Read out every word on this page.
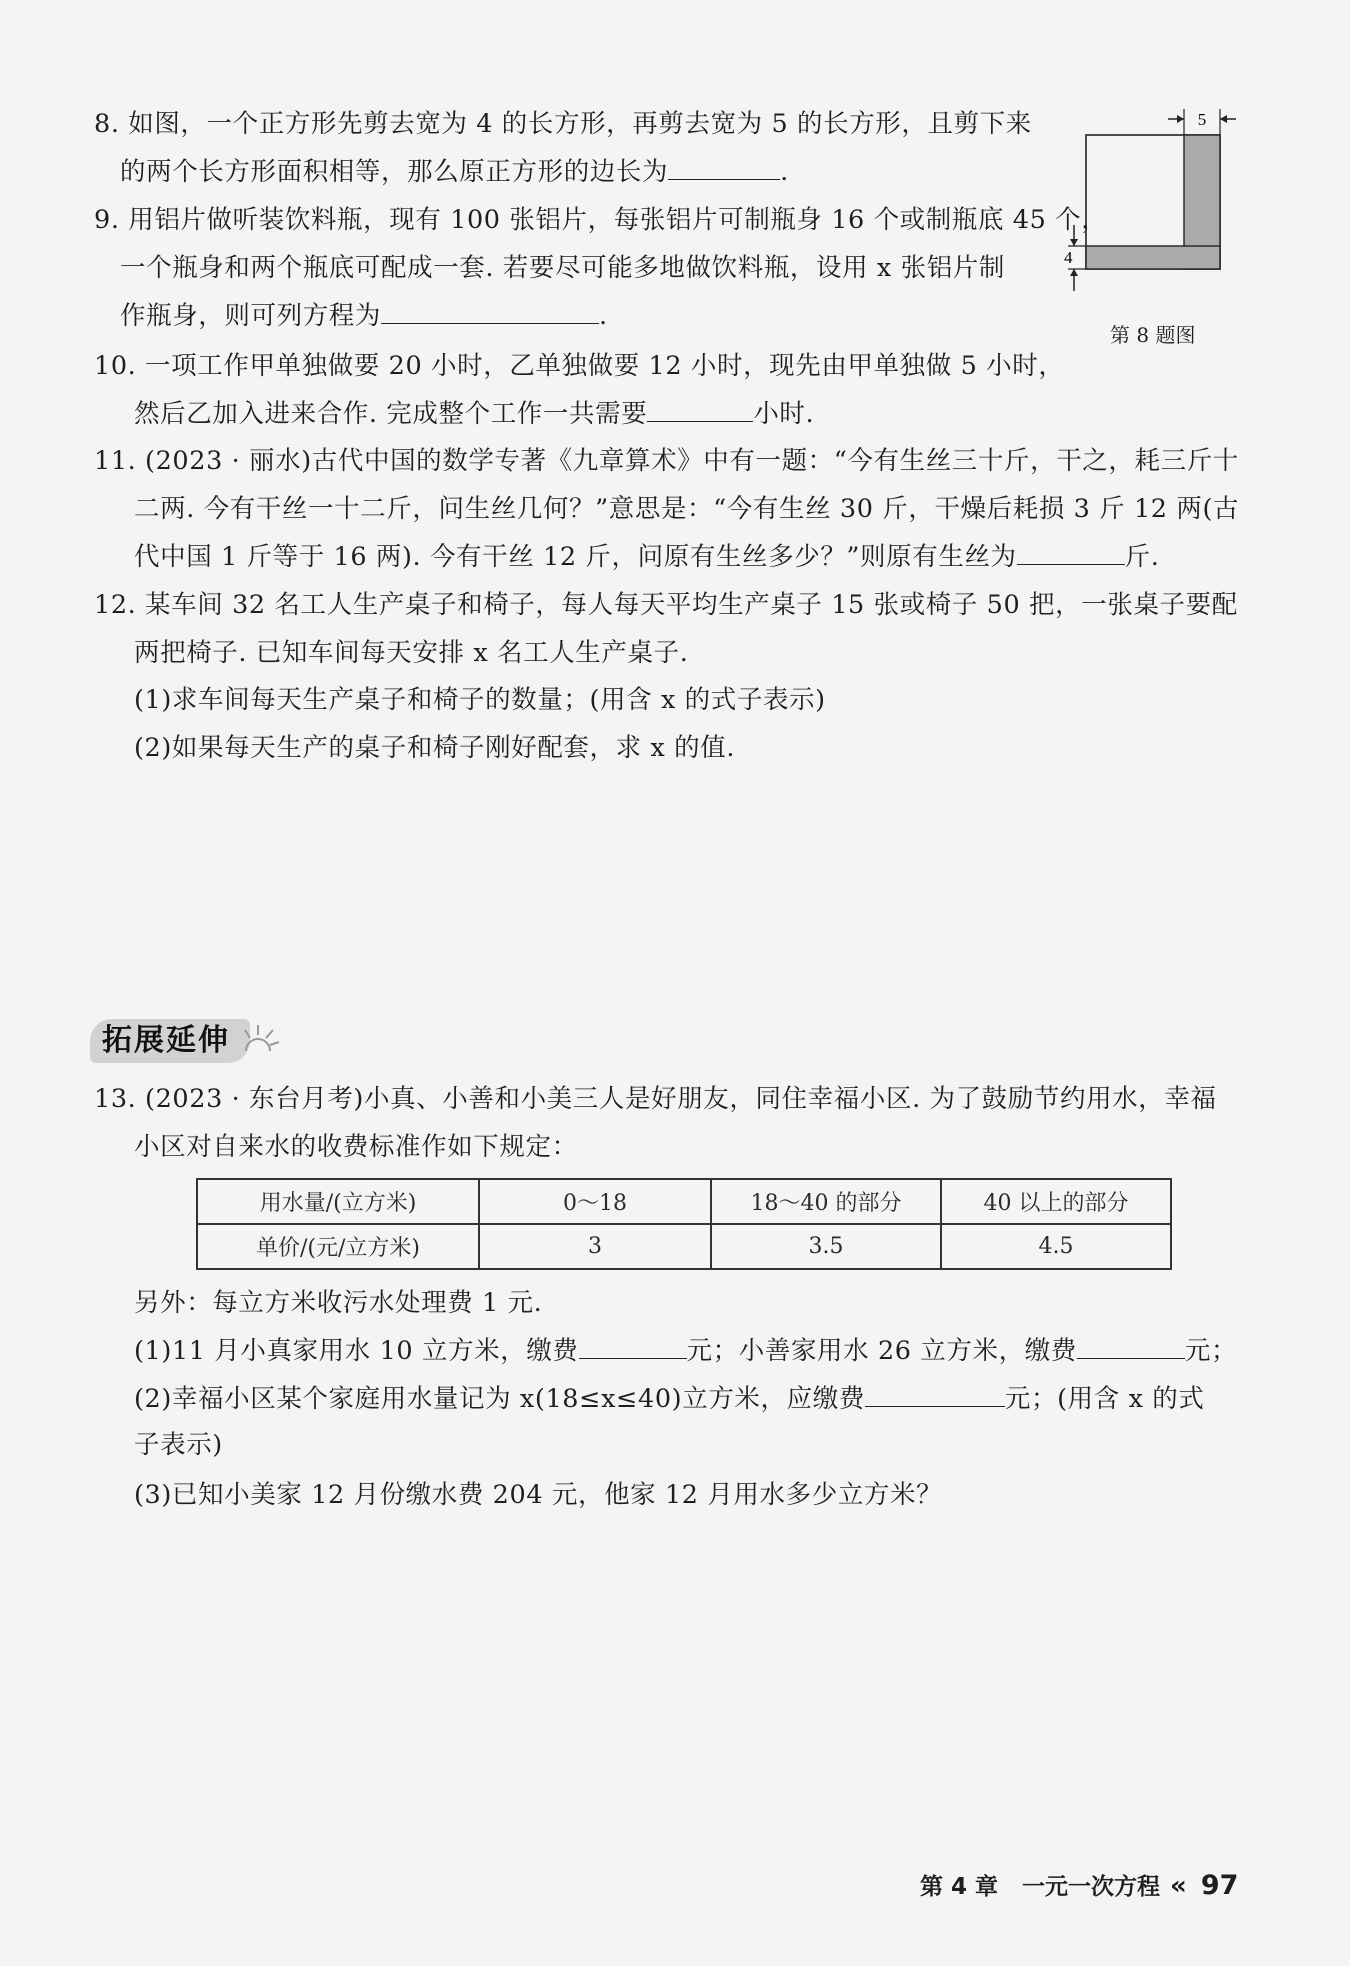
8. 如图，一个正方形先剪去宽为 4 的长方形，再剪去宽为 5 的长方形，且剪下来
的两个长方形面积相等，那么原正方形的边长为	.
9. 用铝片做听装饮料瓶，现有 100 张铝片，每张铝片可制瓶身 16 个或制瓶底 45 个，
一个瓶身和两个瓶底可配成一套. 若要尽可能多地做饮料瓶，设用 x 张铝片制
作瓶身，则可列方程为	.
5
4
第 8 题图
10. 一项工作甲单独做要 20 小时，乙单独做要 12 小时，现先由甲单独做 5 小时，
然后乙加入进来合作. 完成整个工作一共需要	小时.
11. (2023 · 丽水)古代中国的数学专著《九章算术》中有一题：“今有生丝三十斤，干之，耗三斤十
二两. 今有干丝一十二斤，问生丝几何？”意思是：“今有生丝 30 斤，干燥后耗损 3 斤 12 两(古
代中国 1 斤等于 16 两). 今有干丝 12 斤，问原有生丝多少？”则原有生丝为	斤.
12. 某车间 32 名工人生产桌子和椅子，每人每天平均生产桌子 15 张或椅子 50 把，一张桌子要配
两把椅子. 已知车间每天安排 x 名工人生产桌子.
(1)求车间每天生产桌子和椅子的数量；(用含 x 的式子表示)
(2)如果每天生产的桌子和椅子刚好配套，求 x 的值.
拓展延伸
13. (2023 · 东台月考)小真、小善和小美三人是好朋友，同住幸福小区. 为了鼓励节约用水，幸福
小区对自来水的收费标准作如下规定：
用水量/(立方米)	0～18	18～40 的部分	40 以上的部分
单价/(元/立方米)	3	3.5	4.5
另外：每立方米收污水处理费 1 元.
(1)11 月小真家用水 10 立方米，缴费	元；小善家用水 26 立方米，缴费	元；
(2)幸福小区某个家庭用水量记为 x(18≤x≤40)立方米，应缴费	元；(用含 x 的式
子表示)
(3)已知小美家 12 月份缴水费 204 元，他家 12 月用水多少立方米？
第 4 章 一元一次方程 « 97
